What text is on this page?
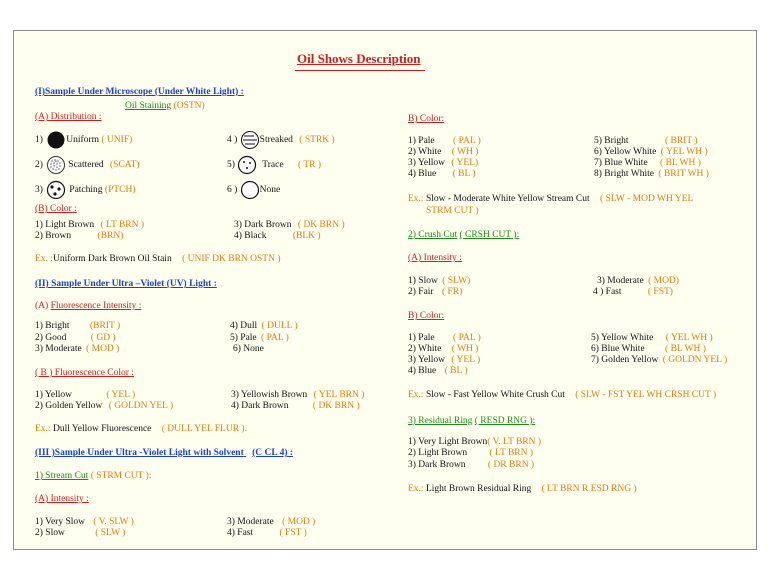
Oil Shows Description
(I)Sample Under Microscope (Under White Light) :
Oil Staining (OSTN)
(A) Distribution :
1) Uniform ( UNIF)
2)	Scattered (SCAT)
3)	Patching (PTCH)
4 ) Streaked ( STRK )
5)	Trace ( TR )
6 ) None
(B) Color :
1) Light Brown ( LT BRN )
2) Brown	(BRN)
3) Dark Brown ( DK BRN )
4) Black	(BLK )
Ex. :Uniform Dark Brown Oil Stain ( UNIF DK BRN OSTN )
(II) Sample Under Ultra –Violet (UV) Light :
(A) Fluorescence Intensity :
1) Bright (BRIT )
2) Good	( GD )
3) Moderate ( MOD )
4) Dull ( DULL )
5) Pale ( PAL )
6) None
( B ) Fluorescence Color :
1) Yellow	( YEL )
2) Golden Yellow ( GOLDN YEL )
3) Yellowish Brown ( YEL BRN )
4) Dark Brown	( DK BRN )
Ex.: Dull Yellow Fluorescence ( DULL YEL FLUR ).
(III )Sample Under Ultra -Violet Light with Solvent (C CL 4) :
1) Stream Cut ( STRM CUT ):
(A) Intensity :
1) Very Slow ( V. SLW )
2) Slow	( SLW )
3) Moderate ( MOD )
4) Fast	( FST )
B) Color:
1) Pale ( PAL )
2) White ( WH )
3) Yellow ( YEL)
4) Blue ( BL )
5) Bright	( BRIT )
6) Yellow White ( YEL WH )
7) Blue White ( BL WH )
8) Bright White ( BRIT WH )
Ex.: Slow - Moderate White Yellow Stream Cut ( SLW - MOD WH YEL
STRM CUT )
2) Crush Cut ( CRSH CUT ):
(A) Intensity :
1) Slow ( SLW)
2) Fair ( FR)
3) Moderate ( MOD)
4 ) Fast	( FST)
B) Color:
1) Pale ( PAL )
2) White ( WH )
3) Yellow ( YEL )
4) Blue ( BL )
5) Yellow White ( YEL WH )
6) Blue White ( BL WH )
7) Golden Yellow ( GOLDN YEL )
Ex.: Slow - Fast Yellow White Crush Cut ( SLW - FST YEL WH CRSH CUT )
3) Residual Ring ( RESD RNG ):
1) Very Light Brown( V. LT BRN )
2) Light Brown ( LT BRN )
3) Dark Brown ( DR BRN )
Ex.: Light Brown Residual Ring ( LT BRN R ESD RNG )
